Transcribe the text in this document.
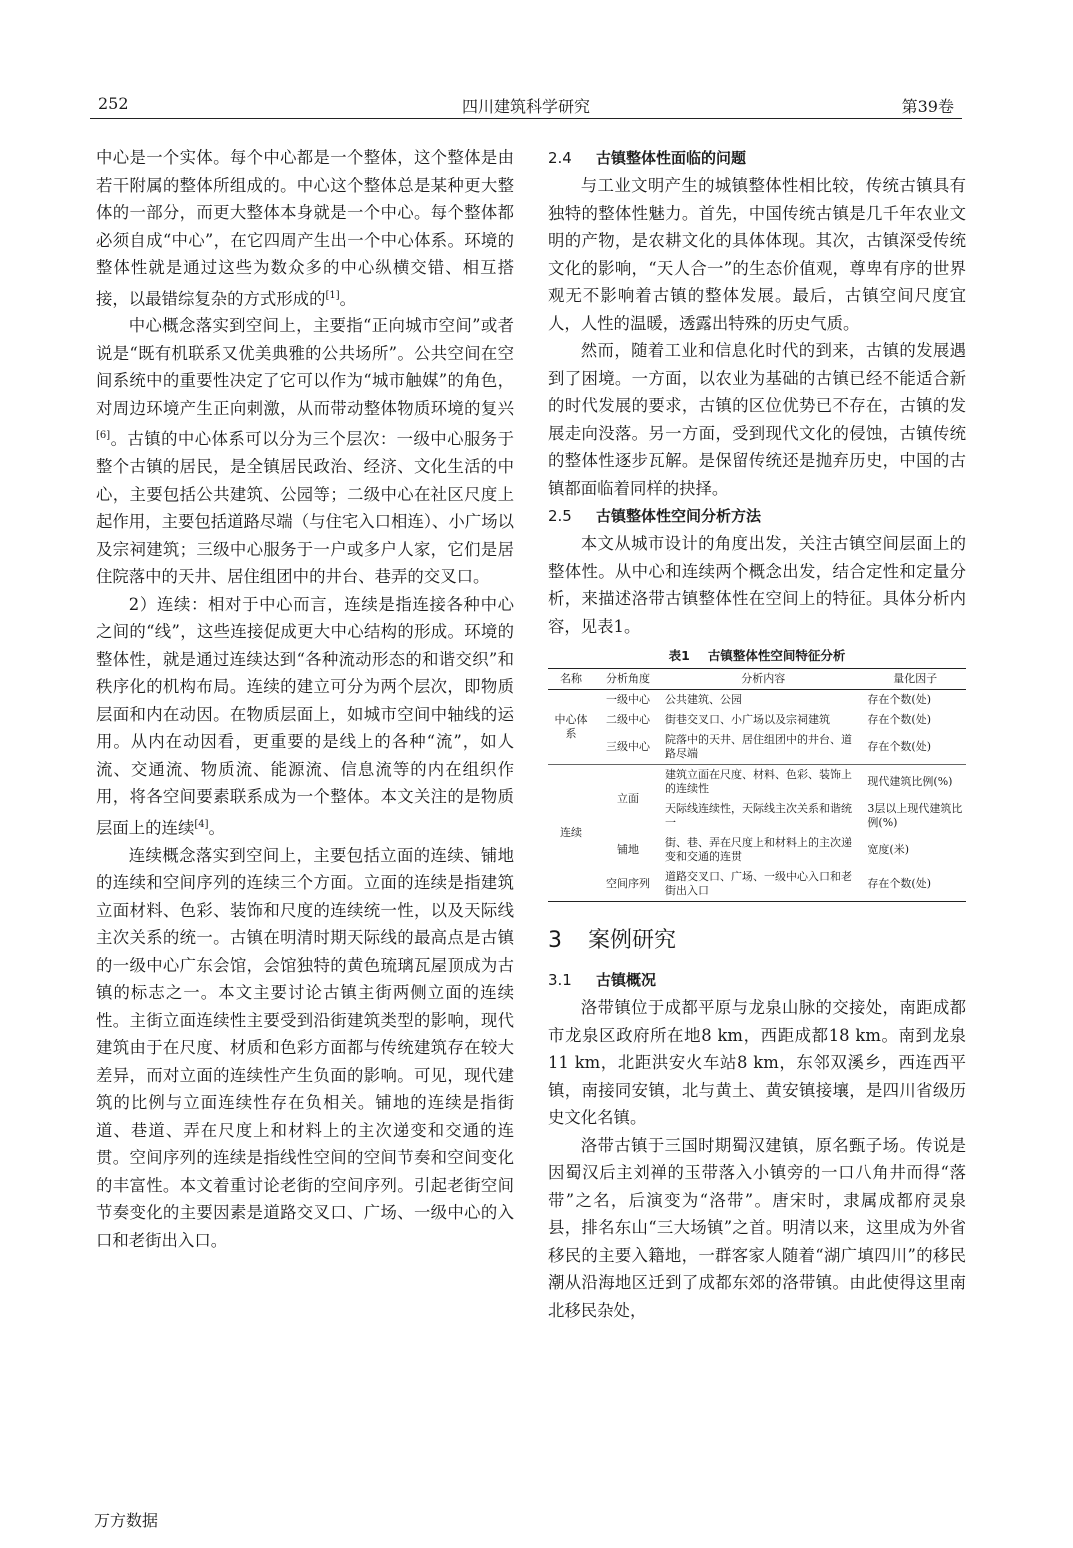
252	四川建筑科学研究	第39卷

中心是一个实体。每个中心都是一个整体，这个整体是由若干附属的整体所组成的。中心这个整体总是某种更大整体的一部分，而更大整体本身就是一个中心。每个整体都必须自成“中心”，在它四周产生出一个中心体系。环境的整体性就是通过这些为数众多的中心纵横交错、相互搭接，以最错综复杂的方式形成的[1]。

中心概念落实到空间上，主要指“正向城市空间”或者说是“既有机联系又优美典雅的公共场所”。公共空间在空间系统中的重要性决定了它可以作为“城市触媒”的角色，对周边环境产生正向刺激，从而带动整体物质环境的复兴[6]。古镇的中心体系可以分为三个层次：一级中心服务于整个古镇的居民，是全镇居民政治、经济、文化生活的中心，主要包括公共建筑、公园等；二级中心在社区尺度上起作用，主要包括道路尽端（与住宅入口相连）、小广场以及宗祠建筑；三级中心服务于一户或多户人家，它们是居住院落中的天井、居住组团中的井台、巷弄的交叉口。

2）连续：相对于中心而言，连续是指连接各种中心之间的“线”，这些连接促成更大中心结构的形成。环境的整体性，就是通过连续达到“各种流动形态的和谐交织”和秩序化的机构布局。连续的建立可分为两个层次，即物质层面和内在动因。在物质层面上，如城市空间中轴线的运用。从内在动因看，更重要的是线上的各种“流”，如人流、交通流、物质流、能源流、信息流等的内在组织作用，将各空间要素联系成为一个整体。本文关注的是物质层面上的连续[4]。

连续概念落实到空间上，主要包括立面的连续、铺地的连续和空间序列的连续三个方面。立面的连续是指建筑立面材料、色彩、装饰和尺度的连续统一性，以及天际线主次关系的统一。古镇在明清时期天际线的最高点是古镇的一级中心广东会馆，会馆独特的黄色琉璃瓦屋顶成为古镇的标志之一。本文主要讨论古镇主街两侧立面的连续性。主街立面连续性主要受到沿街建筑类型的影响，现代建筑由于在尺度、材质和色彩方面都与传统建筑存在较大差异，而对立面的连续性产生负面的影响。可见，现代建筑的比例与立面连续性存在负相关。铺地的连续是指街道、巷道、弄在尺度上和材料上的主次递变和交通的连贯。空间序列的连续是指线性空间的空间节奏和空间变化的丰富性。本文着重讨论老街的空间序列。引起老街空间节奏变化的主要因素是道路交叉口、广场、一级中心的入口和老街出入口。

2.4 古镇整体性面临的问题

与工业文明产生的城镇整体性相比较，传统古镇具有独特的整体性魅力。首先，中国传统古镇是几千年农业文明的产物，是农耕文化的具体体现。其次，古镇深受传统文化的影响，“天人合一”的生态价值观，尊卑有序的世界观无不影响着古镇的整体发展。最后，古镇空间尺度宜人，人性的温暖，透露出特殊的历史气质。

然而，随着工业和信息化时代的到来，古镇的发展遇到了困境。一方面，以农业为基础的古镇已经不能适合新的时代发展的要求，古镇的区位优势已不存在，古镇的发展走向没落。另一方面，受到现代文化的侵蚀，古镇传统的整体性逐步瓦解。是保留传统还是抛弃历史，中国的古镇都面临着同样的抉择。

2.5 古镇整体性空间分析方法

本文从城市设计的角度出发，关注古镇空间层面上的整体性。从中心和连续两个概念出发，结合定性和定量分析，来描述洛带古镇整体性在空间上的特征。具体分析内容，见表1。

表1 古镇整体性空间特征分析
名称	分析角度	分析内容	量化因子
中心体系	一级中心	公共建筑、公园	存在个数(处)
	二级中心	街巷交叉口、小广场以及宗祠建筑	存在个数(处)
	三级中心	院落中的天井、居住组团中的井台、道路尽端	存在个数(处)
连续	立面	建筑立面在尺度、材料、色彩、装饰上的连续性	现代建筑比例(%)
		天际线连续性，天际线主次关系和谐统一	3层以上现代建筑比例(%)
	铺地	街、巷、弄在尺度上和材料上的主次递变和交通的连贯	宽度(米)
	空间序列	道路交叉口、广场、一级中心入口和老街出入口	存在个数(处)
3 案例研究
3.1 古镇概况

洛带镇位于成都平原与龙泉山脉的交接处，南距成都市龙泉区政府所在地8 km，西距成都18 km。南到龙泉11 km，北距洪安火车站8 km，东邻双溪乡，西连西平镇，南接同安镇，北与黄土、黄安镇接壤，是四川省级历史文化名镇。

洛带古镇于三国时期蜀汉建镇，原名甄子场。传说是因蜀汉后主刘禅的玉带落入小镇旁的一口八角井而得“落带”之名，后演变为“洛带”。唐宋时，隶属成都府灵泉县，排名东山“三大场镇”之首。明清以来，这里成为外省移民的主要入籍地，一群客家人随着“湖广填四川”的移民潮从沿海地区迁到了成都东郊的洛带镇。由此使得这里南北移民杂处，

万方数据
